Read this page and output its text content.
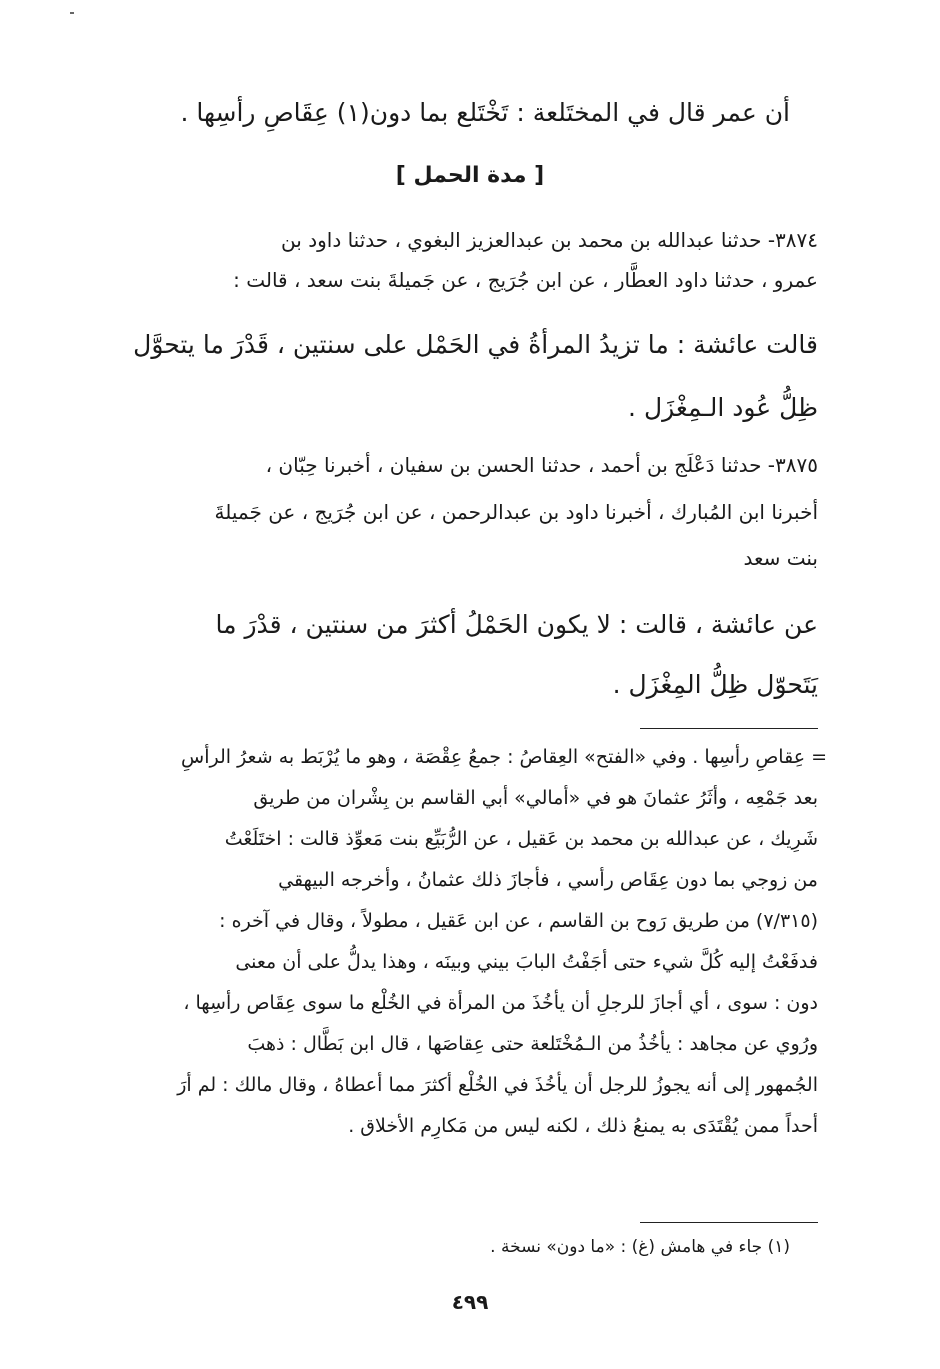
أن عمر قال في المختَلعة : تَخْتَلع بما دون(١) عِقَاصِ رأسِها .
[ مدة الحمل ]
٣٨٧٤- حدثنا عبدالله بن محمد بن عبدالعزيز البغوي ، حدثنا داود بن
عمرو ، حدثنا داود العطَّار ، عن ابن جُرَيج ، عن جَميلةَ بنت سعد ، قالت :
قالت عائشة : ما تزيدُ المرأةُ في الحَمْل على سنتين ، قَدْرَ ما يتحوَّل
ظِلُّ عُود الـمِغْزَل .
٣٨٧٥- حدثنا دَعْلَج بن أحمد ، حدثنا الحسن بن سفيان ، أخبرنا حِبّان ،
أخبرنا ابن المُبارك ، أخبرنا داود بن عبدالرحمن ، عن ابن جُرَيج ، عن جَميلةَ
بنت سعد
عن عائشة ، قالت : لا يكون الحَمْلُ أكثرَ من سنتين ، قدْرَ ما
يَتَحوّل ظِلُّ المِغْزَل .
= عِقاصِ رأسِها . وفي «الفتح» العِقاصُ : جمعُ عِقْصَة ، وهو ما يُرْبَط به شعرُ الرأسِ
بعد جَمْعِه ، وأثَرُ عثمانَ هو في «أمالي» أبي القاسم بن بِشْران من طريق
شَرِيك ، عن عبدالله بن محمد بن عَقيل ، عن الرُّبَيِّع بنت مَعوِّذ قالت : اختَلَعْتُ
من زوجي بما دون عِقَاص رأسي ، فأجازَ ذلك عثمانُ ، وأخرجه البيهقي
(٧/٣١٥) من طريق رَوح بن القاسم ، عن ابن عَقيل ، مطولاً ، وقال في آخره :
فدفَعْتُ إليه كُلَّ شيء حتى أجَفْتُ البابَ بيني وبينَه ، وهذا يدلُّ على أن معنى
دون : سوى ، أي أجازَ للرجلِ أن يأخُذَ من المرأة في الخُلْع ما سوى عِقَاص رأسِها ،
ورُوي عن مجاهد : يأخُذُ من الـمُخْتَلعة حتى عِقاصَها ، قال ابن بَطَّال : ذهبَ
الجُمهور إلى أنه يجوزُ للرجل أن يأخُذَ في الخُلْع أكثرَ مما أعطاهُ ، وقال مالك : لم أرَ
أحداً ممن يُقْتَدَى به يمنعُ ذلك ، لكنه ليس من مَكارِم الأخلاق .
(١) جاء في هامش (غ) : «ما دون» نسخة .
٤٩٩
